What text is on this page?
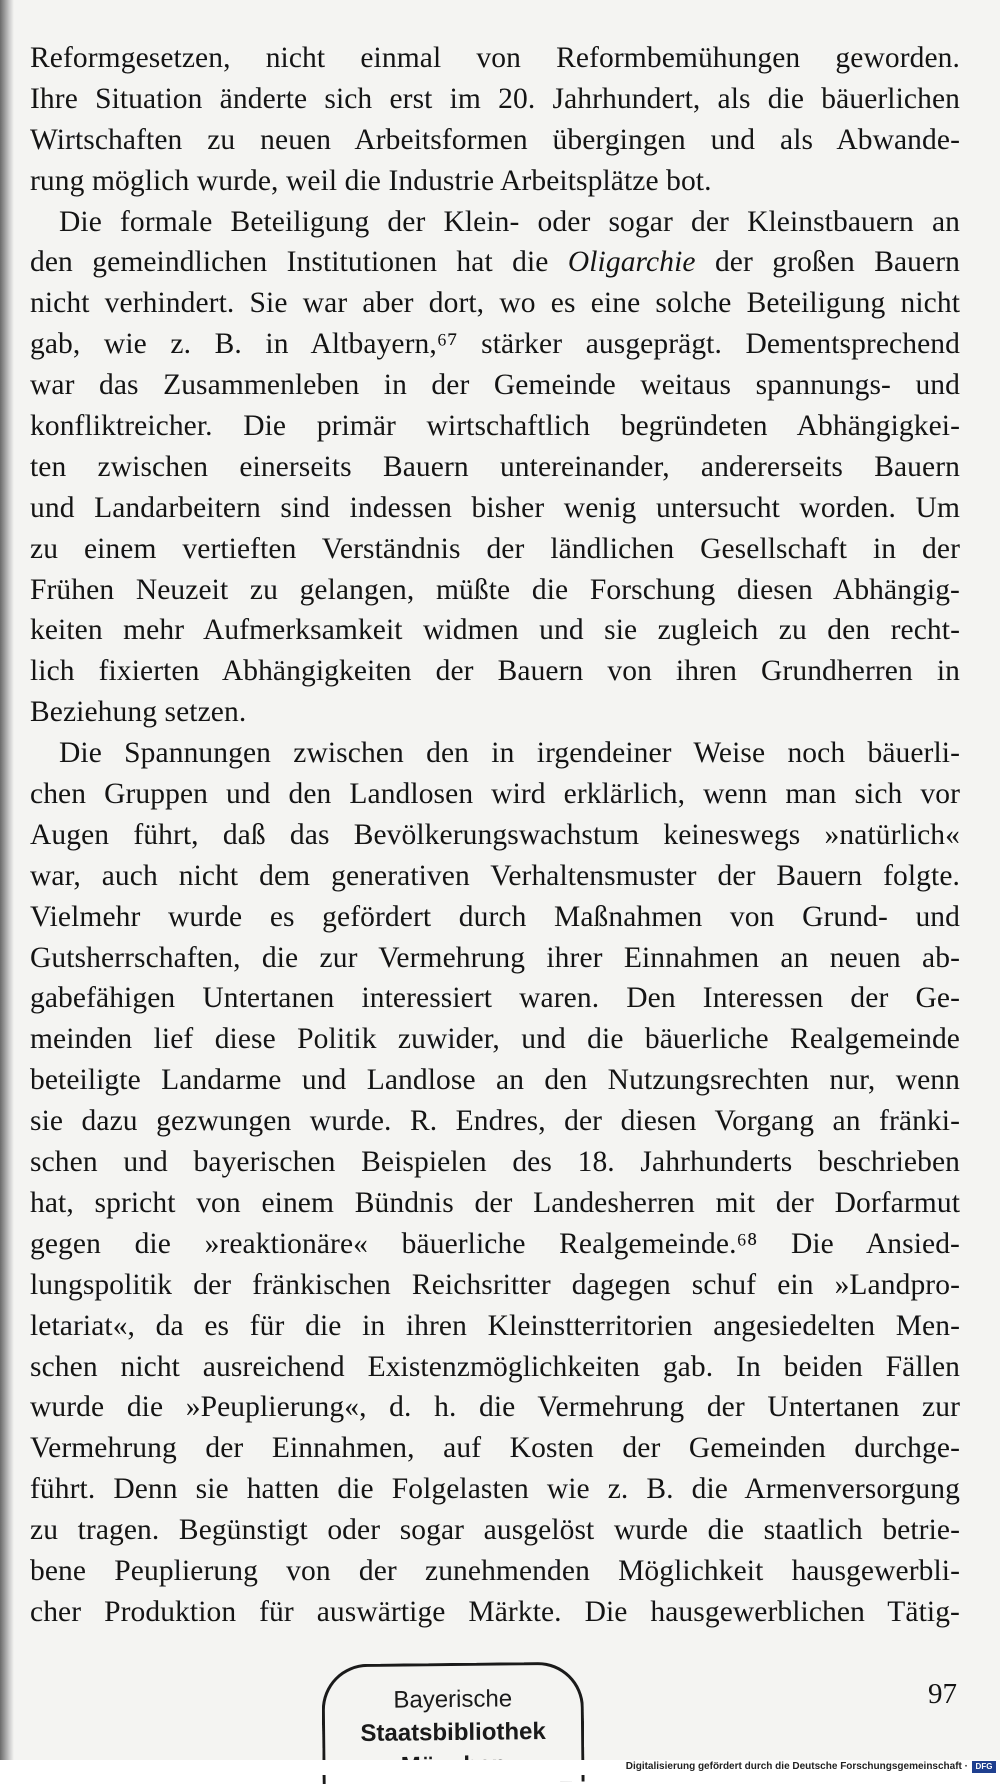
Reformgesetzen, nicht einmal von Reformbemühungen geworden.
Ihre Situation änderte sich erst im 20. Jahrhundert, als die bäuerlichen
Wirtschaften zu neuen Arbeitsformen übergingen und als Abwande-
rung möglich wurde, weil die Industrie Arbeitsplätze bot.
Die formale Beteiligung der Klein- oder sogar der Kleinstbauern an
den gemeindlichen Institutionen hat die Oligarchie der großen Bauern
nicht verhindert. Sie war aber dort, wo es eine solche Beteiligung nicht
gab, wie z. B. in Altbayern,⁶⁷ stärker ausgeprägt. Dementsprechend
war das Zusammenleben in der Gemeinde weitaus spannungs- und
konfliktreicher. Die primär wirtschaftlich begründeten Abhängigkei-
ten zwischen einerseits Bauern untereinander, andererseits Bauern
und Landarbeitern sind indessen bisher wenig untersucht worden. Um
zu einem vertieften Verständnis der ländlichen Gesellschaft in der
Frühen Neuzeit zu gelangen, müßte die Forschung diesen Abhängig-
keiten mehr Aufmerksamkeit widmen und sie zugleich zu den recht-
lich fixierten Abhängigkeiten der Bauern von ihren Grundherren in
Beziehung setzen.
Die Spannungen zwischen den in irgendeiner Weise noch bäuerli-
chen Gruppen und den Landlosen wird erklärlich, wenn man sich vor
Augen führt, daß das Bevölkerungswachstum keineswegs »natürlich«
war, auch nicht dem generativen Verhaltensmuster der Bauern folgte.
Vielmehr wurde es gefördert durch Maßnahmen von Grund- und
Gutsherrschaften, die zur Vermehrung ihrer Einnahmen an neuen ab-
gabefähigen Untertanen interessiert waren. Den Interessen der Ge-
meinden lief diese Politik zuwider, und die bäuerliche Realgemeinde
beteiligte Landarme und Landlose an den Nutzungsrechten nur, wenn
sie dazu gezwungen wurde. R. Endres, der diesen Vorgang an fränki-
schen und bayerischen Beispielen des 18. Jahrhunderts beschrieben
hat, spricht von einem Bündnis der Landesherren mit der Dorfarmut
gegen die »reaktionäre« bäuerliche Realgemeinde.⁶⁸ Die Ansied-
lungspolitik der fränkischen Reichsritter dagegen schuf ein »Landpro-
letariat«, da es für die in ihren Kleinstterritorien angesiedelten Men-
schen nicht ausreichend Existenzmöglichkeiten gab. In beiden Fällen
wurde die »Peuplierung«, d. h. die Vermehrung der Untertanen zur
Vermehrung der Einnahmen, auf Kosten der Gemeinden durchge-
führt. Denn sie hatten die Folgelasten wie z. B. die Armenversorgung
zu tragen. Begünstigt oder sogar ausgelöst wurde die staatlich betrie-
bene Peuplierung von der zunehmenden Möglichkeit hausgewerbli-
cher Produktion für auswärtige Märkte. Die hausgewerblichen Tätig-
97
Bayerische
Staatsbibliothek
Digitalisierung gefördert durch die Deutsche Forschungsgemeinschaft · DFG
